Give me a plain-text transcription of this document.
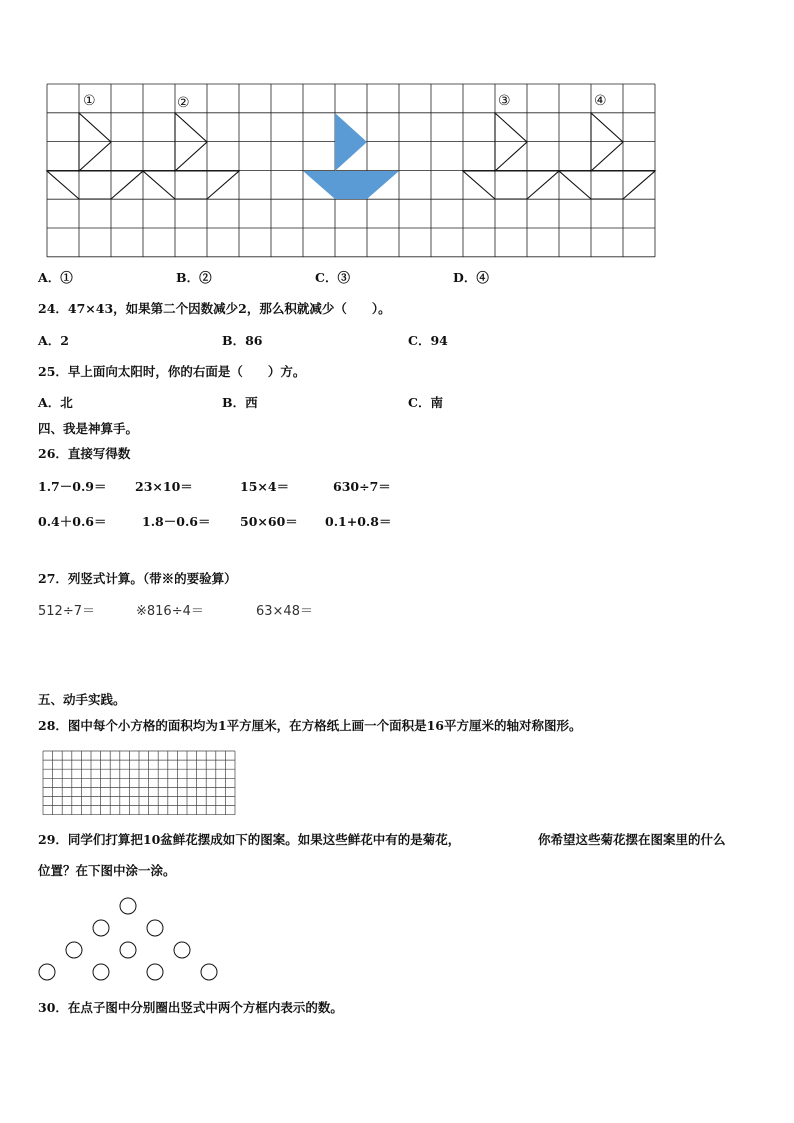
①	②	③	④
A．①	B．②	C．③	D．④
24．47×43，如果第二个因数减少2，那么积就减少（　　）。
A．2	B．86	C．94
25．早上面向太阳时，你的右面是（　　）方。
A．北	B．西	C．南
四、我是神算手。
26．直接写得数
1.7－0.9＝ 23×10＝	15×4＝	630÷7＝
0.4＋0.6＝	1.8－0.6＝ 50×60＝ 0.1+0.8＝
27．列竖式计算。（带※的要验算）
512÷7＝	※816÷4＝	63×48＝
五、动手实践。
28．图中每个小方格的面积均为1平方厘米，在方格纸上画一个面积是16平方厘米的轴对称图形。
29．同学们打算把10盆鲜花摆成如下的图案。如果这些鲜花中有的是菊花，	你希望这些菊花摆在图案里的什么
位置？在下图中涂一涂。
30．在点子图中分别圈出竖式中两个方框内表示的数。
